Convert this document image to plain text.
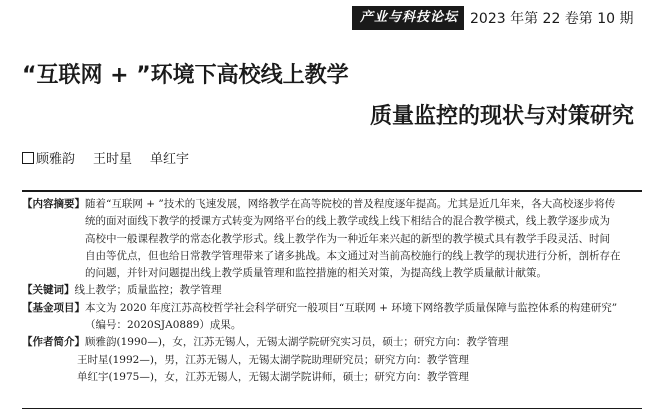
产业与科技论坛 2023 年第 22 卷第 10 期
“互联网 + ”环境下高校线上教学
质量监控的现状与对策研究
顾雅韵 王时星 单红宇
【内容摘要】 随着“互联网 + ”技术的飞速发展，网络教学在高等院校的普及程度逐年提高。尤其是近几年来，各大高校逐步将传
统的面对面线下教学的授课方式转变为网络平台的线上教学或线上线下相结合的混合教学模式，线上教学逐步成为
高校中一般课程教学的常态化教学形式。线上教学作为一种近年来兴起的新型的教学模式具有教学手段灵活、时间
自由等优点，但也给日常教学管理带来了诸多挑战。本文通过对当前高校施行的线上教学的现状进行分析，剖析存在
的问题，并针对问题提出线上教学质量管理和监控措施的相关对策，为提高线上教学质量献计献策。
【关键词】 线上教学；质量监控；教学管理
【基金项目】 本文为 2020 年度江苏高校哲学社会科学研究一般项目“互联网 + 环境下网络教学质量保障与监控体系的构建研究”
（编号：2020SJA0889）成果。
【作者简介】 顾雅韵(1990—)，女，江苏无锡人，无锡太湖学院研究实习员，硕士；研究方向：教学管理
王时星(1992—)，男，江苏无锡人，无锡太湖学院助理研究员；研究方向：教学管理
单红宇(1975—)，女，江苏无锡人，无锡太湖学院讲师，硕士；研究方向：教学管理
